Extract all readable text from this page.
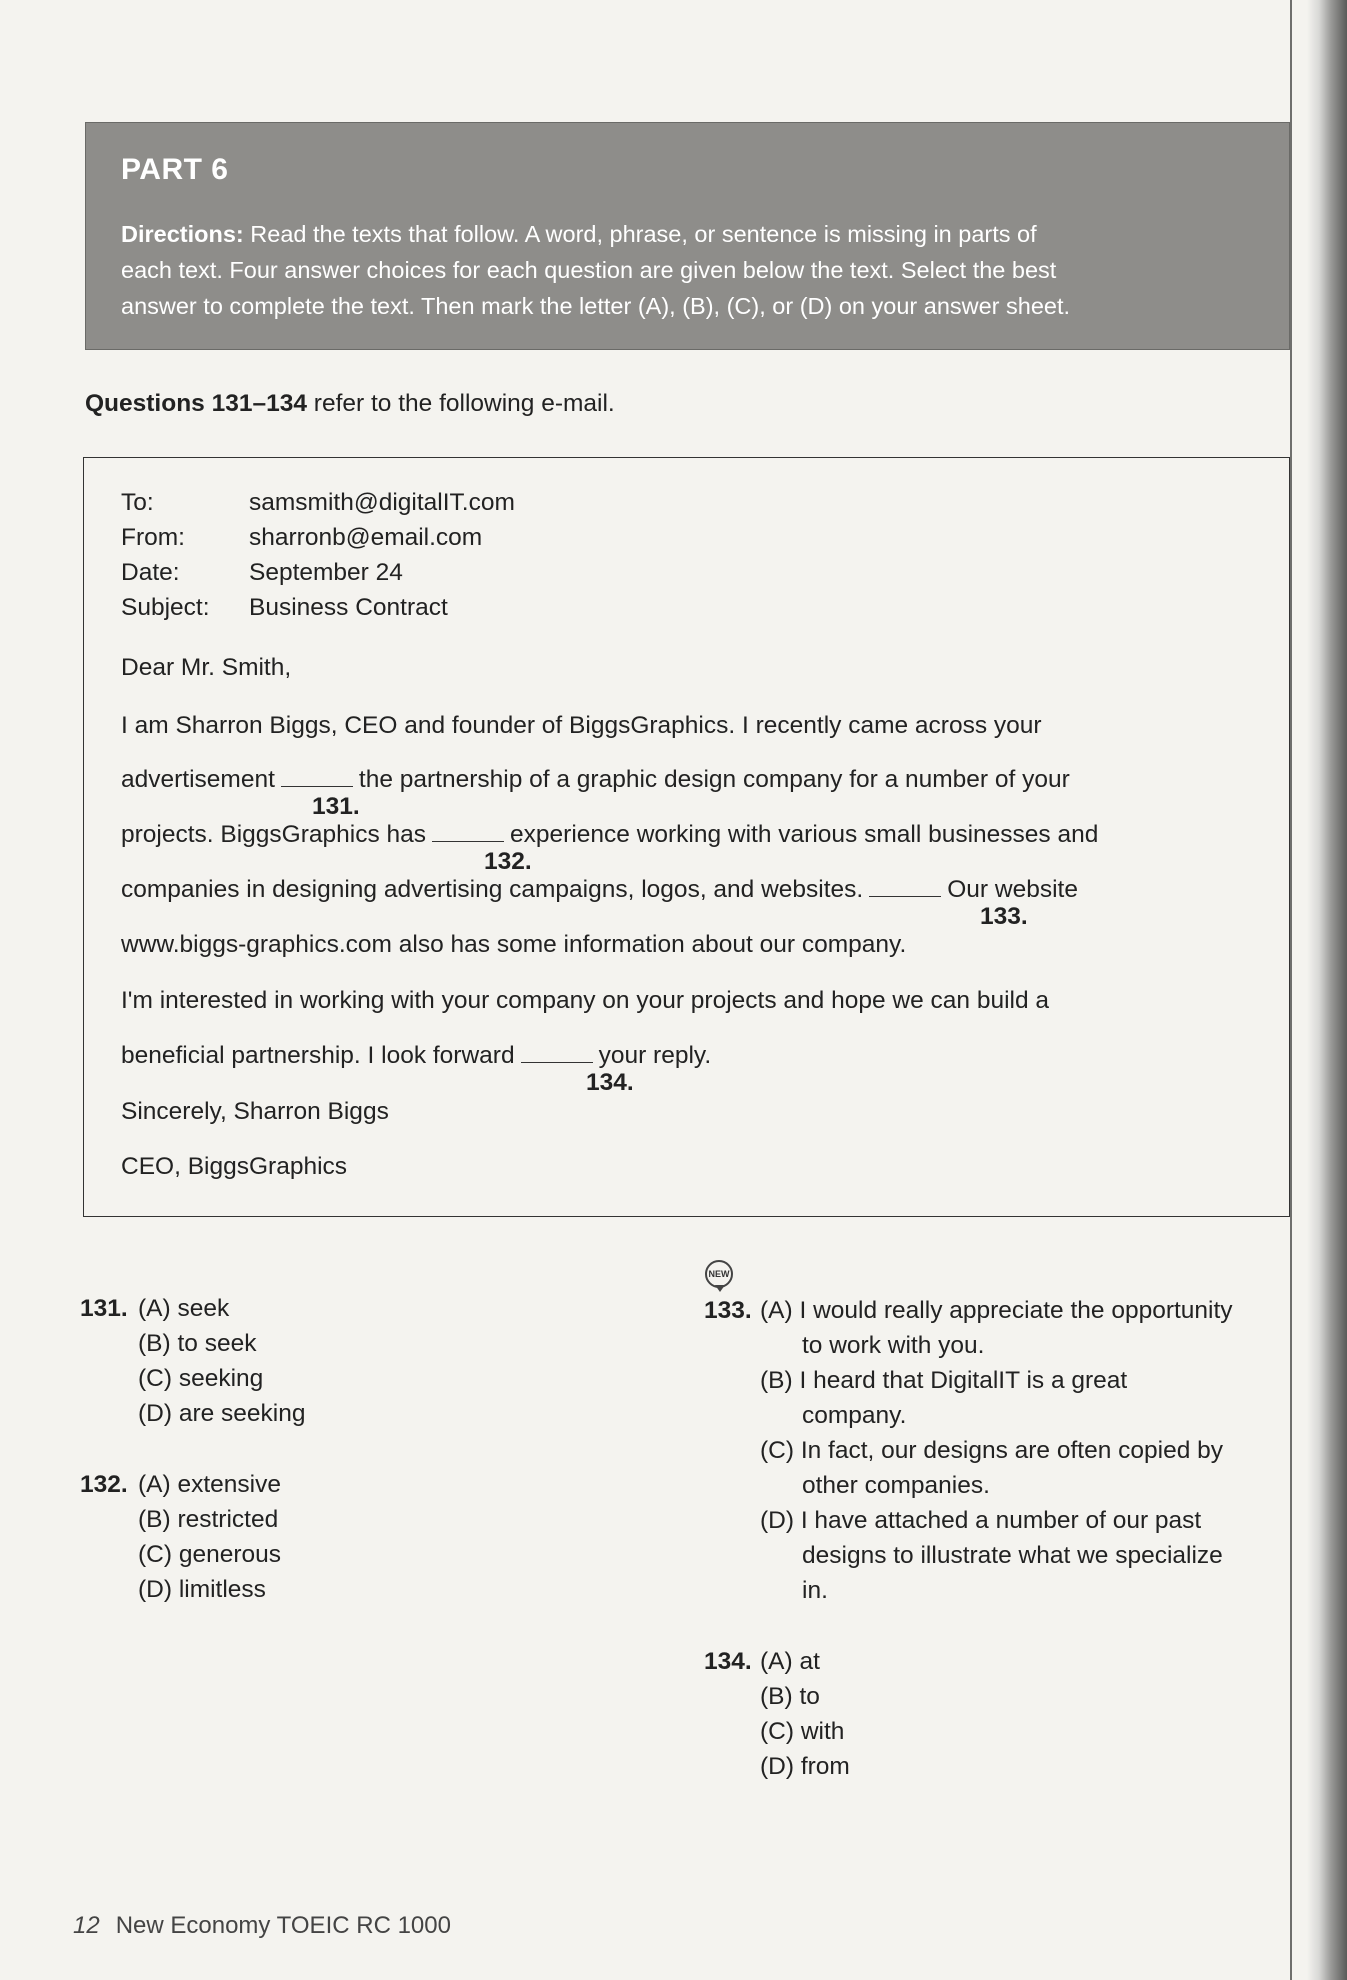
PART 6
Directions: Read the texts that follow. A word, phrase, or sentence is missing in parts of
each text. Four answer choices for each question are given below the text. Select the best
answer to complete the text. Then mark the letter (A), (B), (C), or (D) on your answer sheet.
Questions 131–134 refer to the following e-mail.
To:	samsmith@digitalIT.com
From:	sharronb@email.com
Date:	September 24
Subject: Business Contract
Dear Mr. Smith,
I am Sharron Biggs, CEO and founder of BiggsGraphics. I recently came across your
advertisement	the partnership of a graphic design company for a number of your
131.
projects. BiggsGraphics has	experience working with various small businesses and
132.
companies in designing advertising campaigns, logos, and websites.	Our website
133.
www.biggs-graphics.com also has some information about our company.
I'm interested in working with your company on your projects and hope we can build a
beneficial partnership. I look forward	your reply.
134.
Sincerely, Sharron Biggs
CEO, BiggsGraphics
131. (A) seek
(B) to seek
(C) seeking
(D) are seeking
132. (A) extensive
(B) restricted
(C) generous
(D) limitless
NEW
133. (A) I would really appreciate the opportunity
to work with you.
(B) I heard that DigitalIT is a great
company.
(C) In fact, our designs are often copied by
other companies.
(D) I have attached a number of our past
designs to illustrate what we specialize
in.
134. (A) at
(B) to
(C) with
(D) from
12 New Economy TOEIC RC 1000
